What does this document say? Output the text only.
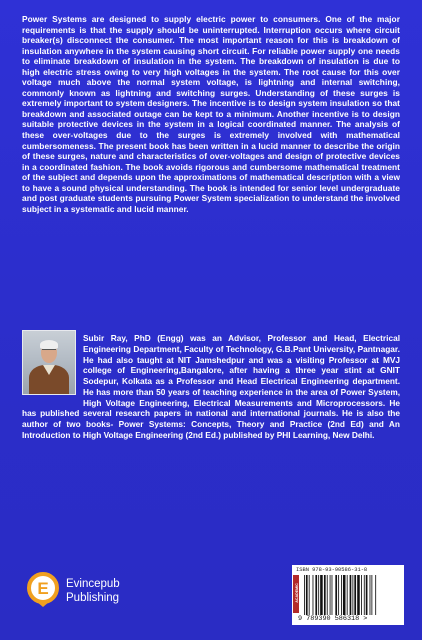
Power Systems are designed to supply electric power to consumers. One of the major requirements is that the supply should be uninterrupted. Interruption occurs where circuit breaker(s) disconnect the consumer. The most important reason for this is breakdown of insulation anywhere in the system causing short circuit. For reliable power supply one needs to eliminate breakdown of insulation in the system. The breakdown of insulation is due to high electric stress owing to very high voltages in the system. The root cause for this over voltage much above the normal system voltage, is lightning and internal switching, commonly known as lightning and switching surges. Understanding of these surges is extremely important to system designers. The incentive is to design system insulation so that breakdown and associated outage can be kept to a minimum. Another incentive is to design suitable protective devices in the system in a logical coordinated manner. The analysis of these over-voltages due to the surges is extremely involved with mathematical cumbersomeness. The present book has been written in a lucid manner to describe the origin of these surges, nature and characteristics of over-voltages and design of protective devices in a coordinated fashion. The book avoids rigorous and cumbersome mathematical treatment of the subject and depends upon the approximations of mathematical description with a view to have a sound physical understanding. The book is intended for senior level undergraduate and post graduate students pursuing Power System specialization to understand the involved subject in a systematic and lucid manner.
Subir Ray, PhD (Engg) was an Advisor, Professor and Head, Electrical Engineering Department, Faculty of Technology, G.B.Pant University, Pantnagar. He had also taught at NIT Jamshedpur and was a visiting Professor at MVJ college of Engineering,Bangalore, after having a three year stint at GNIT Sodepur, Kolkata as a Professor and Head Electrical Engineering department. He has more than 50 years of teaching experience in the area of Power System, High Voltage Engineering, Electrical Measurements and Microprocessors. He has published several research papers in national and international journals. He is also the author of two books- Power Systems: Concepts, Theory and Practice (2nd Ed) and An Introduction to High Voltage Engineering (2nd Ed.) published by PHI Learning, New Delhi.
E Evincepub
Publishing
ISBN 978-93-90586-31-8
ACADEMIC
9 789390 586318 >
